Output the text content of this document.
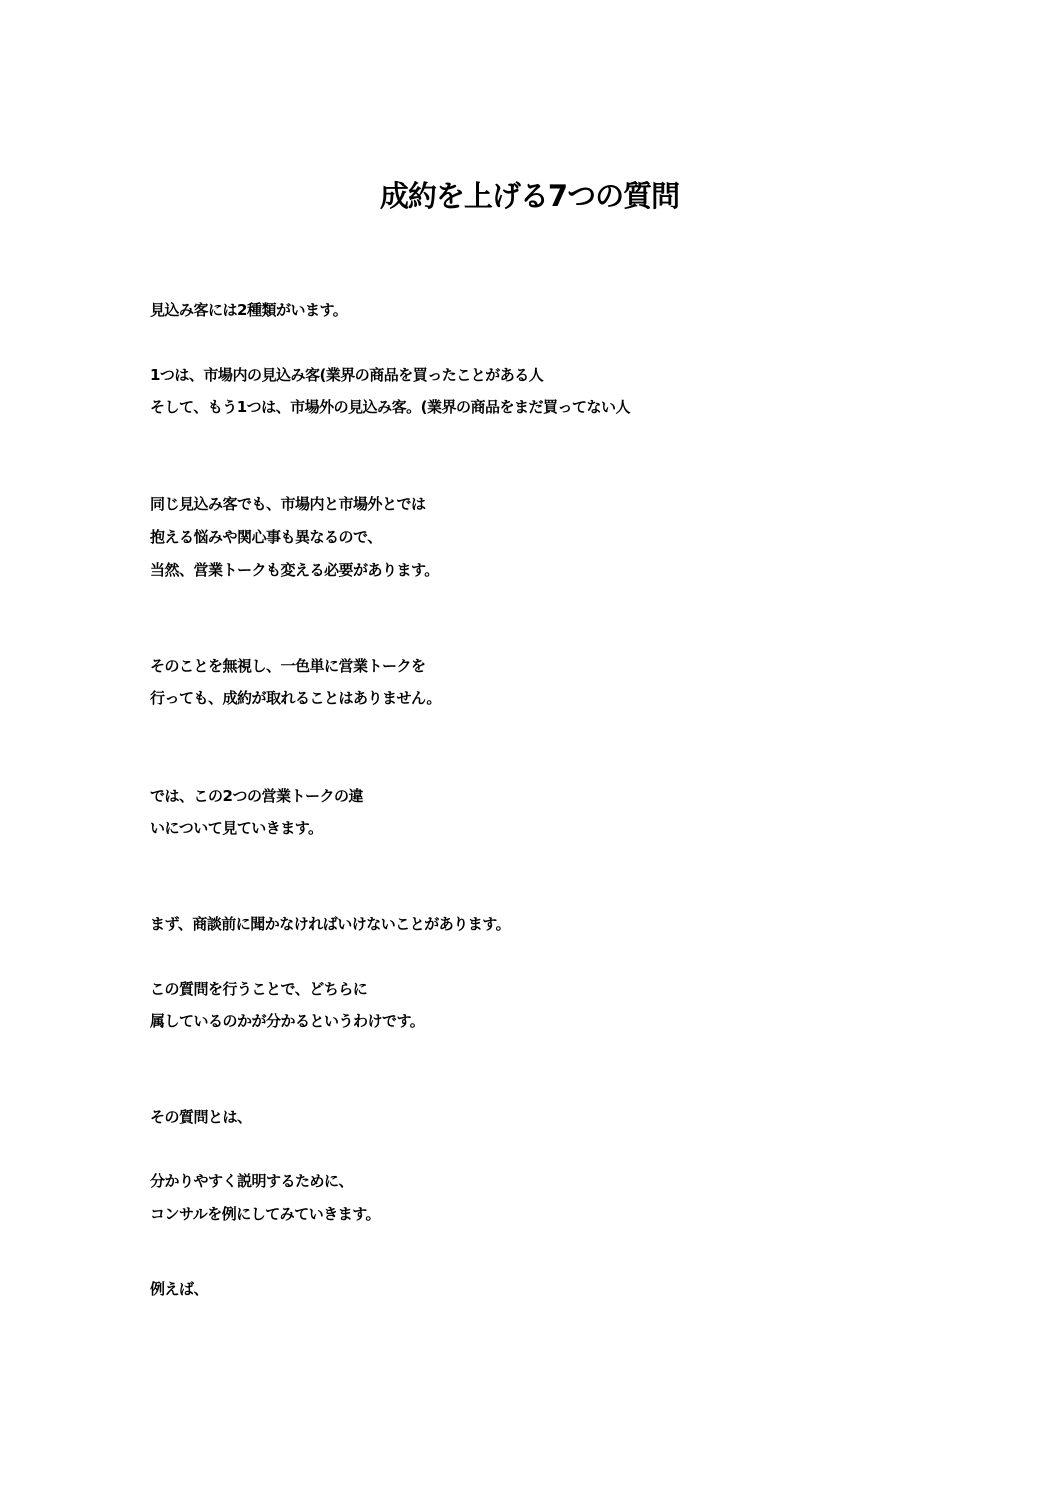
成約を上げる7つの質問

見込み客には2種類がいます。

1つは、市場内の見込み客(業界の商品を買ったことがある人

そして、もう1つは、市場外の見込み客。(業界の商品をまだ買ってない人

同じ見込み客でも、市場内と市場外とでは

抱える悩みや関心事も異なるので、

当然、営業トークも変える必要があります。

そのことを無視し、一色単に営業トークを

行っても、成約が取れることはありません。

では、この2つの営業トークの違

いについて見ていきます。

まず、商談前に聞かなければいけないことがあります。

この質問を行うことで、どちらに

属しているのかが分かるというわけです。

その質問とは、

分かりやすく説明するために、

コンサルを例にしてみていきます。

例えば、
